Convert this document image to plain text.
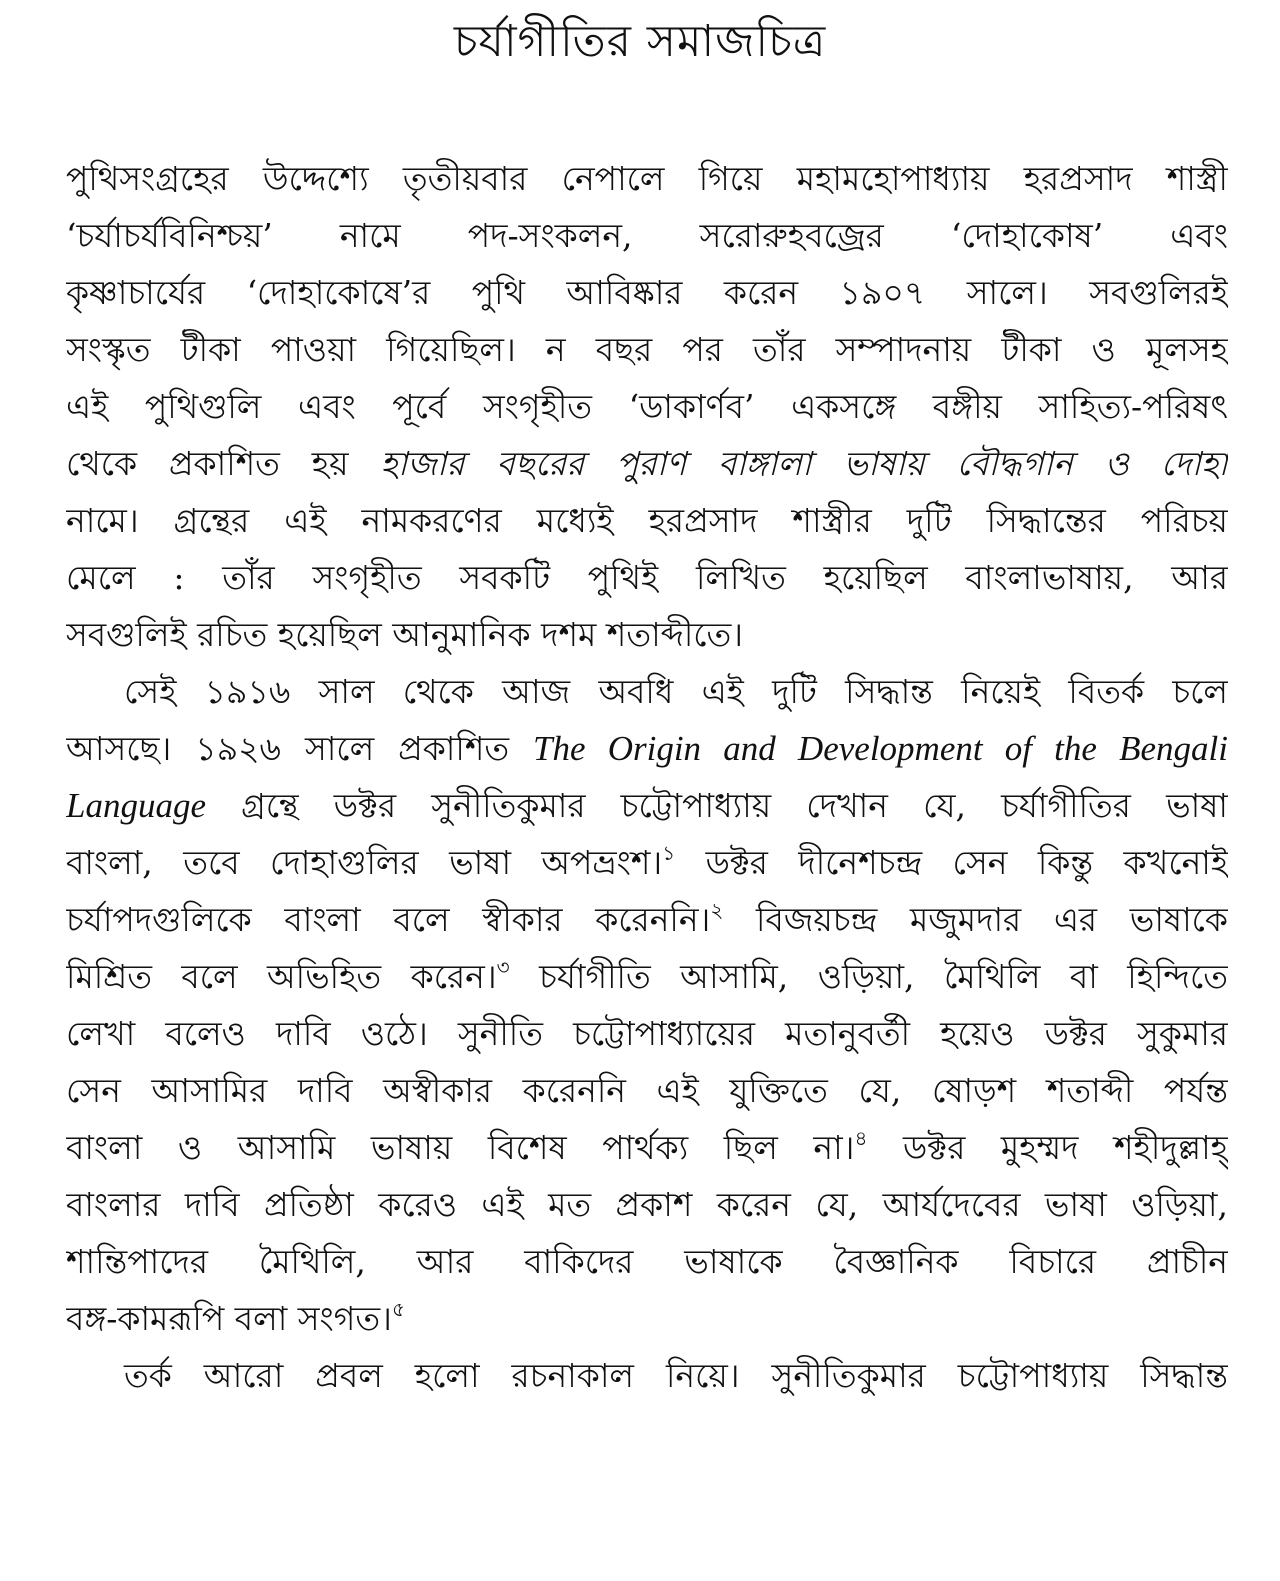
চর্যাগীতির সমাজচিত্র
পুথিসংগ্রহের উদ্দেশ্যে তৃতীয়বার নেপালে গিয়ে মহামহোপাধ্যায় হরপ্রসাদ শাস্ত্রী
‘চর্যাচর্যবিনিশ্চয়’ নামে পদ-সংকলন, সরোরুহবজ্রের ‘দোহাকোষ’ এবং
কৃষ্ণাচার্যের ‘দোহাকোষে’র পুথি আবিষ্কার করেন ১৯০৭ সালে। সবগুলিরই
সংস্কৃত টীকা পাওয়া গিয়েছিল। ন বছর পর তাঁর সম্পাদনায় টীকা ও মূলসহ
এই পুথিগুলি এবং পূর্বে সংগৃহীত ‘ডাকার্ণব’ একসঙ্গে বঙ্গীয় সাহিত্য-পরিষৎ
থেকে প্রকাশিত হয় হাজার বছরের পুরাণ বাঙ্গালা ভাষায় বৌদ্ধগান ও দোহা
নামে। গ্রন্থের এই নামকরণের মধ্যেই হরপ্রসাদ শাস্ত্রীর দুটি সিদ্ধান্তের পরিচয়
মেলে : তাঁর সংগৃহীত সবকটি পুথিই লিখিত হয়েছিল বাংলাভাষায়, আর
সবগুলিই রচিত হয়েছিল আনুমানিক দশম শতাব্দীতে।
সেই ১৯১৬ সাল থেকে আজ অবধি এই দুটি সিদ্ধান্ত নিয়েই বিতর্ক চলে
আসছে। ১৯২৬ সালে প্রকাশিত The Origin and Development of the Bengali
Language গ্রন্থে ডক্টর সুনীতিকুমার চট্টোপাধ্যায় দেখান যে, চর্যাগীতির ভাষা
বাংলা, তবে দোহাগুলির ভাষা অপভ্রংশ।$^১$ ডক্টর দীনেশচন্দ্র সেন কিন্তু কখনোই
চর্যাপদগুলিকে বাংলা বলে স্বীকার করেননি।$^২$ বিজয়চন্দ্র মজুমদার এর ভাষাকে
মিশ্রিত বলে অভিহিত করেন।$^৩$ চর্যাগীতি আসামি, ওড়িয়া, মৈথিলি বা হিন্দিতে
লেখা বলেও দাবি ওঠে। সুনীতি চট্টোপাধ্যায়ের মতানুবর্তী হয়েও ডক্টর সুকুমার
সেন আসামির দাবি অস্বীকার করেননি এই যুক্তিতে যে, ষোড়শ শতাব্দী পর্যন্ত
বাংলা ও আসামি ভাষায় বিশেষ পার্থক্য ছিল না।$^৪$ ডক্টর মুহম্মদ শহীদুল্লাহ্
বাংলার দাবি প্রতিষ্ঠা করেও এই মত প্রকাশ করেন যে, আর্যদেবের ভাষা ওড়িয়া,
শান্তিপাদের মৈথিলি, আর বাকিদের ভাষাকে বৈজ্ঞানিক বিচারে প্রাচীন
বঙ্গ-কামরূপি বলা সংগত।$^৫$
তর্ক আরো প্রবল হলো রচনাকাল নিয়ে। সুনীতিকুমার চট্টোপাধ্যায় সিদ্ধান্ত
